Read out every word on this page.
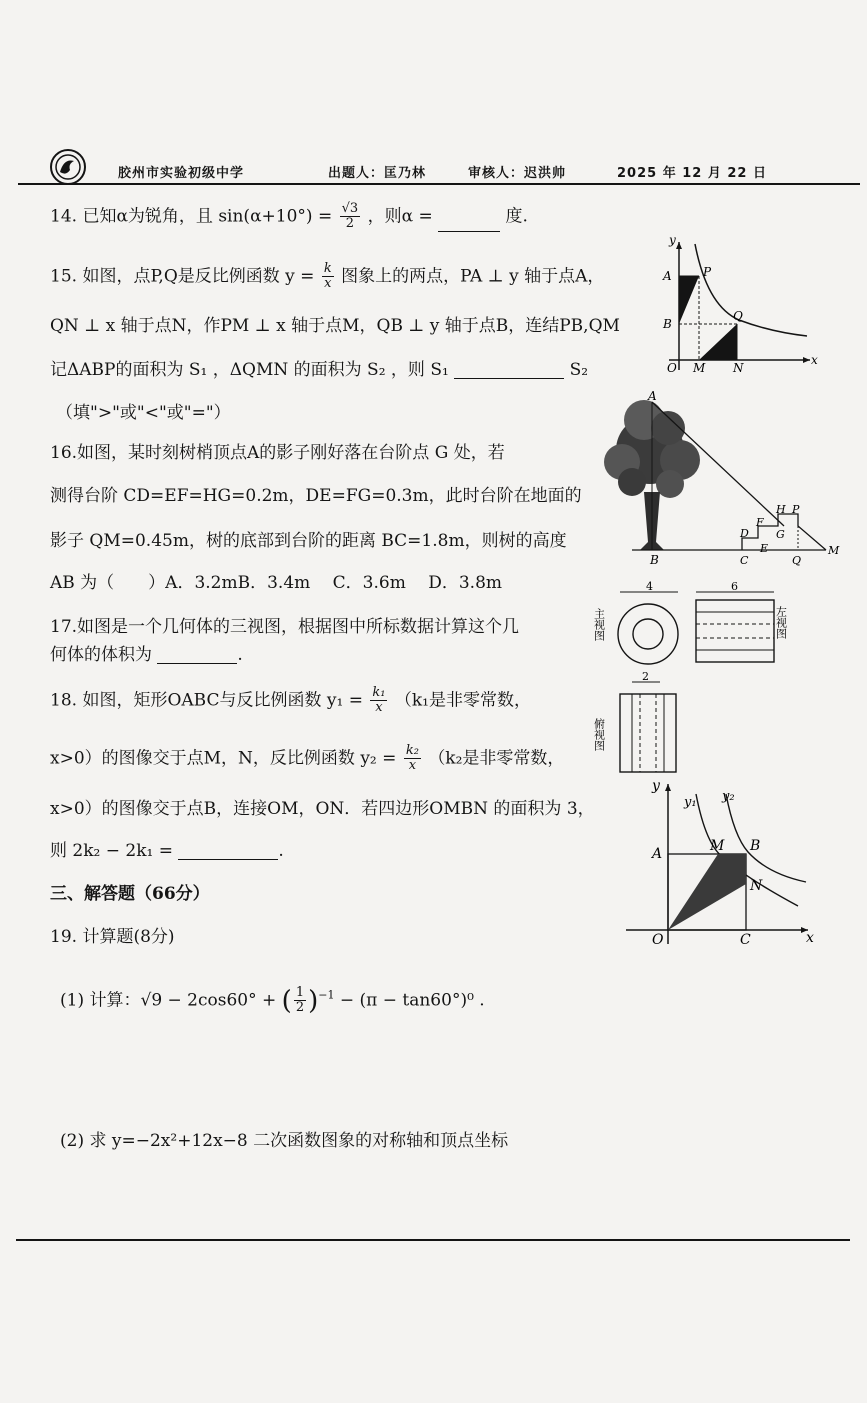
胶州市实验初级中学	出题人：匡乃林	审核人：迟洪帅	2025 年 12 月 22 日
14. 已知α为锐角，且 $\sin(\alpha+10^\circ) = \frac{√3}{2}$ ，则α =	度.
15. 如图，点P,Q是反比例函数 $y = \frac{k}{x}$ 图象上的两点，PA ⊥ y 轴于点A，
QN ⊥ x 轴于点N，作PM ⊥ x 轴于点M，QB ⊥ y 轴于点B，连结PB,QM
记ΔABP的面积为 S₁ ，ΔQMN 的面积为 S₂ ，则 S₁	S₂
（填">"或"<"或"="）
A	P
B
Q
O M N
x
y
16.如图，某时刻树梢顶点A的影子刚好落在台阶点 G 处，若
测得台阶 CD=EF=HG=0.2m，DE=FG=0.3m，此时台阶在地面的
影子 QM=0.45m，树的底部到台阶的距离 BC=1.8m，则树的高度
AB 为（　　）A．3.2mB．3.4m　 C．3.6m　 D．3.8m
A
B	C
D
E
F
G
H P
Q
M
17.如图是一个几何体的三视图，根据图中所标数据计算这个几
何体的体积为	.
4
主视图
6
左视图
2
俯视图
18. 如图，矩形OABC与反比例函数 $y_1 = \frac{\text{k₁}}{x} (k_1$是非零常数，
x>0）的图像交于点M，N，反比例函数 $y_2 = \frac{\text{k₂}}{x} (k_2$是非零常数，
x>0）的图像交于点B，连接OM，ON．若四边形OMBN 的面积为 3，
则 2k₂ − 2k₁ =	.
y
y₁ y₂
A	M B
N
O	C	x
三、解答题（66分）
19. 计算题(8分)
(1) 计算：√9 − 2cos60° + ( $\frac{1}{2} )^{-1} - (\pi - \tan 60^\circ)^0$ .
(2) 求 y=−2x²+12x−8 二次函数图象的对称轴和顶点坐标
